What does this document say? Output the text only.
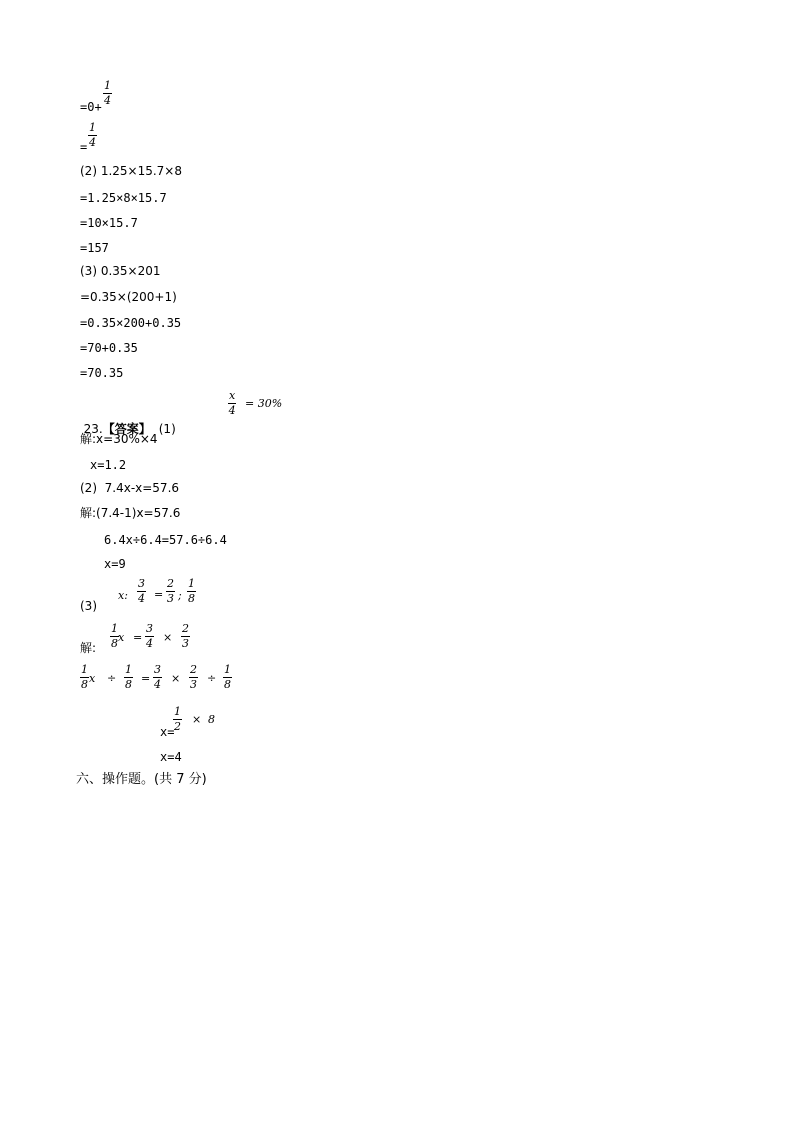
$\frac{1}{4}$
=0+
$\frac{1}{4}$
=
(2) 1.25×15.7×8
=1.25×8×15.7
=10×15.7
=157
(3) 0.35×201
=0.35×(200+1)
=0.35×200+0.35
=70+0.35
=70.35

23.【答案】 (1)

$\frac{x}{4} = 30\%$
解:x=30%×4
x=1.2
(2)  7.4x-x=57.6
解:(7.4-1)x=57.6
6.4x÷6.4=57.6÷6.4
x=9
(3)
x: $\frac{3}{4} = \frac{2}{3}$ ; $\frac{1}{8}$
解: $\frac{1}{8}$ $x = \frac{3}{4} \times \frac{2}{3}$
$\frac{1}{8}$ $x \div \frac{1}{8} = \frac{3}{4} \times \frac{2}{3} \div \frac{1}{8}$
x=
$\frac{1}{2} \times 8$
x=4
六、操作题。(共 7 分)
